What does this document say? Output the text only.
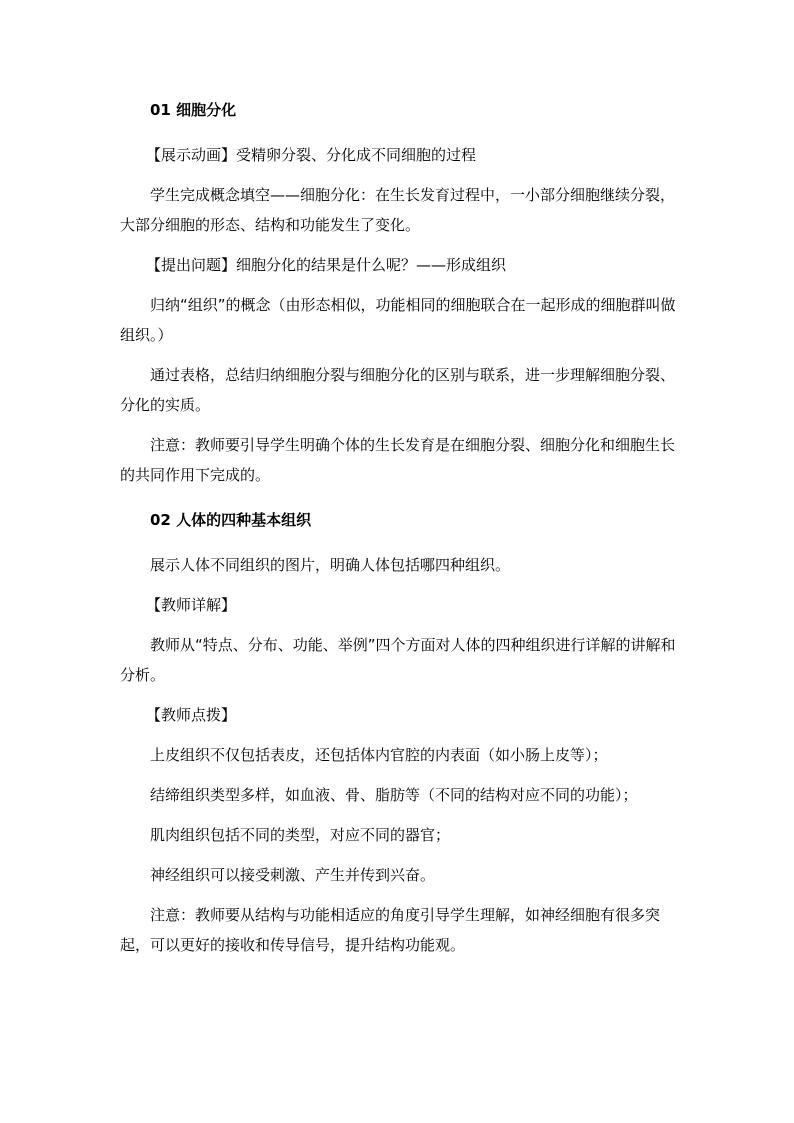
01 细胞分化

【展示动画】受精卵分裂、分化成不同细胞的过程

学生完成概念填空——细胞分化：在生长发育过程中，一小部分细胞继续分裂，大部分细胞的形态、结构和功能发生了变化。

【提出问题】细胞分化的结果是什么呢？——形成组织

归纳“组织”的概念（由形态相似，功能相同的细胞联合在一起形成的细胞群叫做组织。）

通过表格，总结归纳细胞分裂与细胞分化的区别与联系，进一步理解细胞分裂、分化的实质。

注意：教师要引导学生明确个体的生长发育是在细胞分裂、细胞分化和细胞生长的共同作用下完成的。

02 人体的四种基本组织

展示人体不同组织的图片，明确人体包括哪四种组织。

【教师详解】

教师从“特点、分布、功能、举例”四个方面对人体的四种组织进行详解的讲解和分析。

【教师点拨】

上皮组织不仅包括表皮，还包括体内官腔的内表面（如小肠上皮等）；

结缔组织类型多样，如血液、骨、脂肪等（不同的结构对应不同的功能）；

肌肉组织包括不同的类型，对应不同的器官；

神经组织可以接受刺激、产生并传到兴奋。

注意：教师要从结构与功能相适应的角度引导学生理解，如神经细胞有很多突起，可以更好的接收和传导信号，提升结构功能观。
